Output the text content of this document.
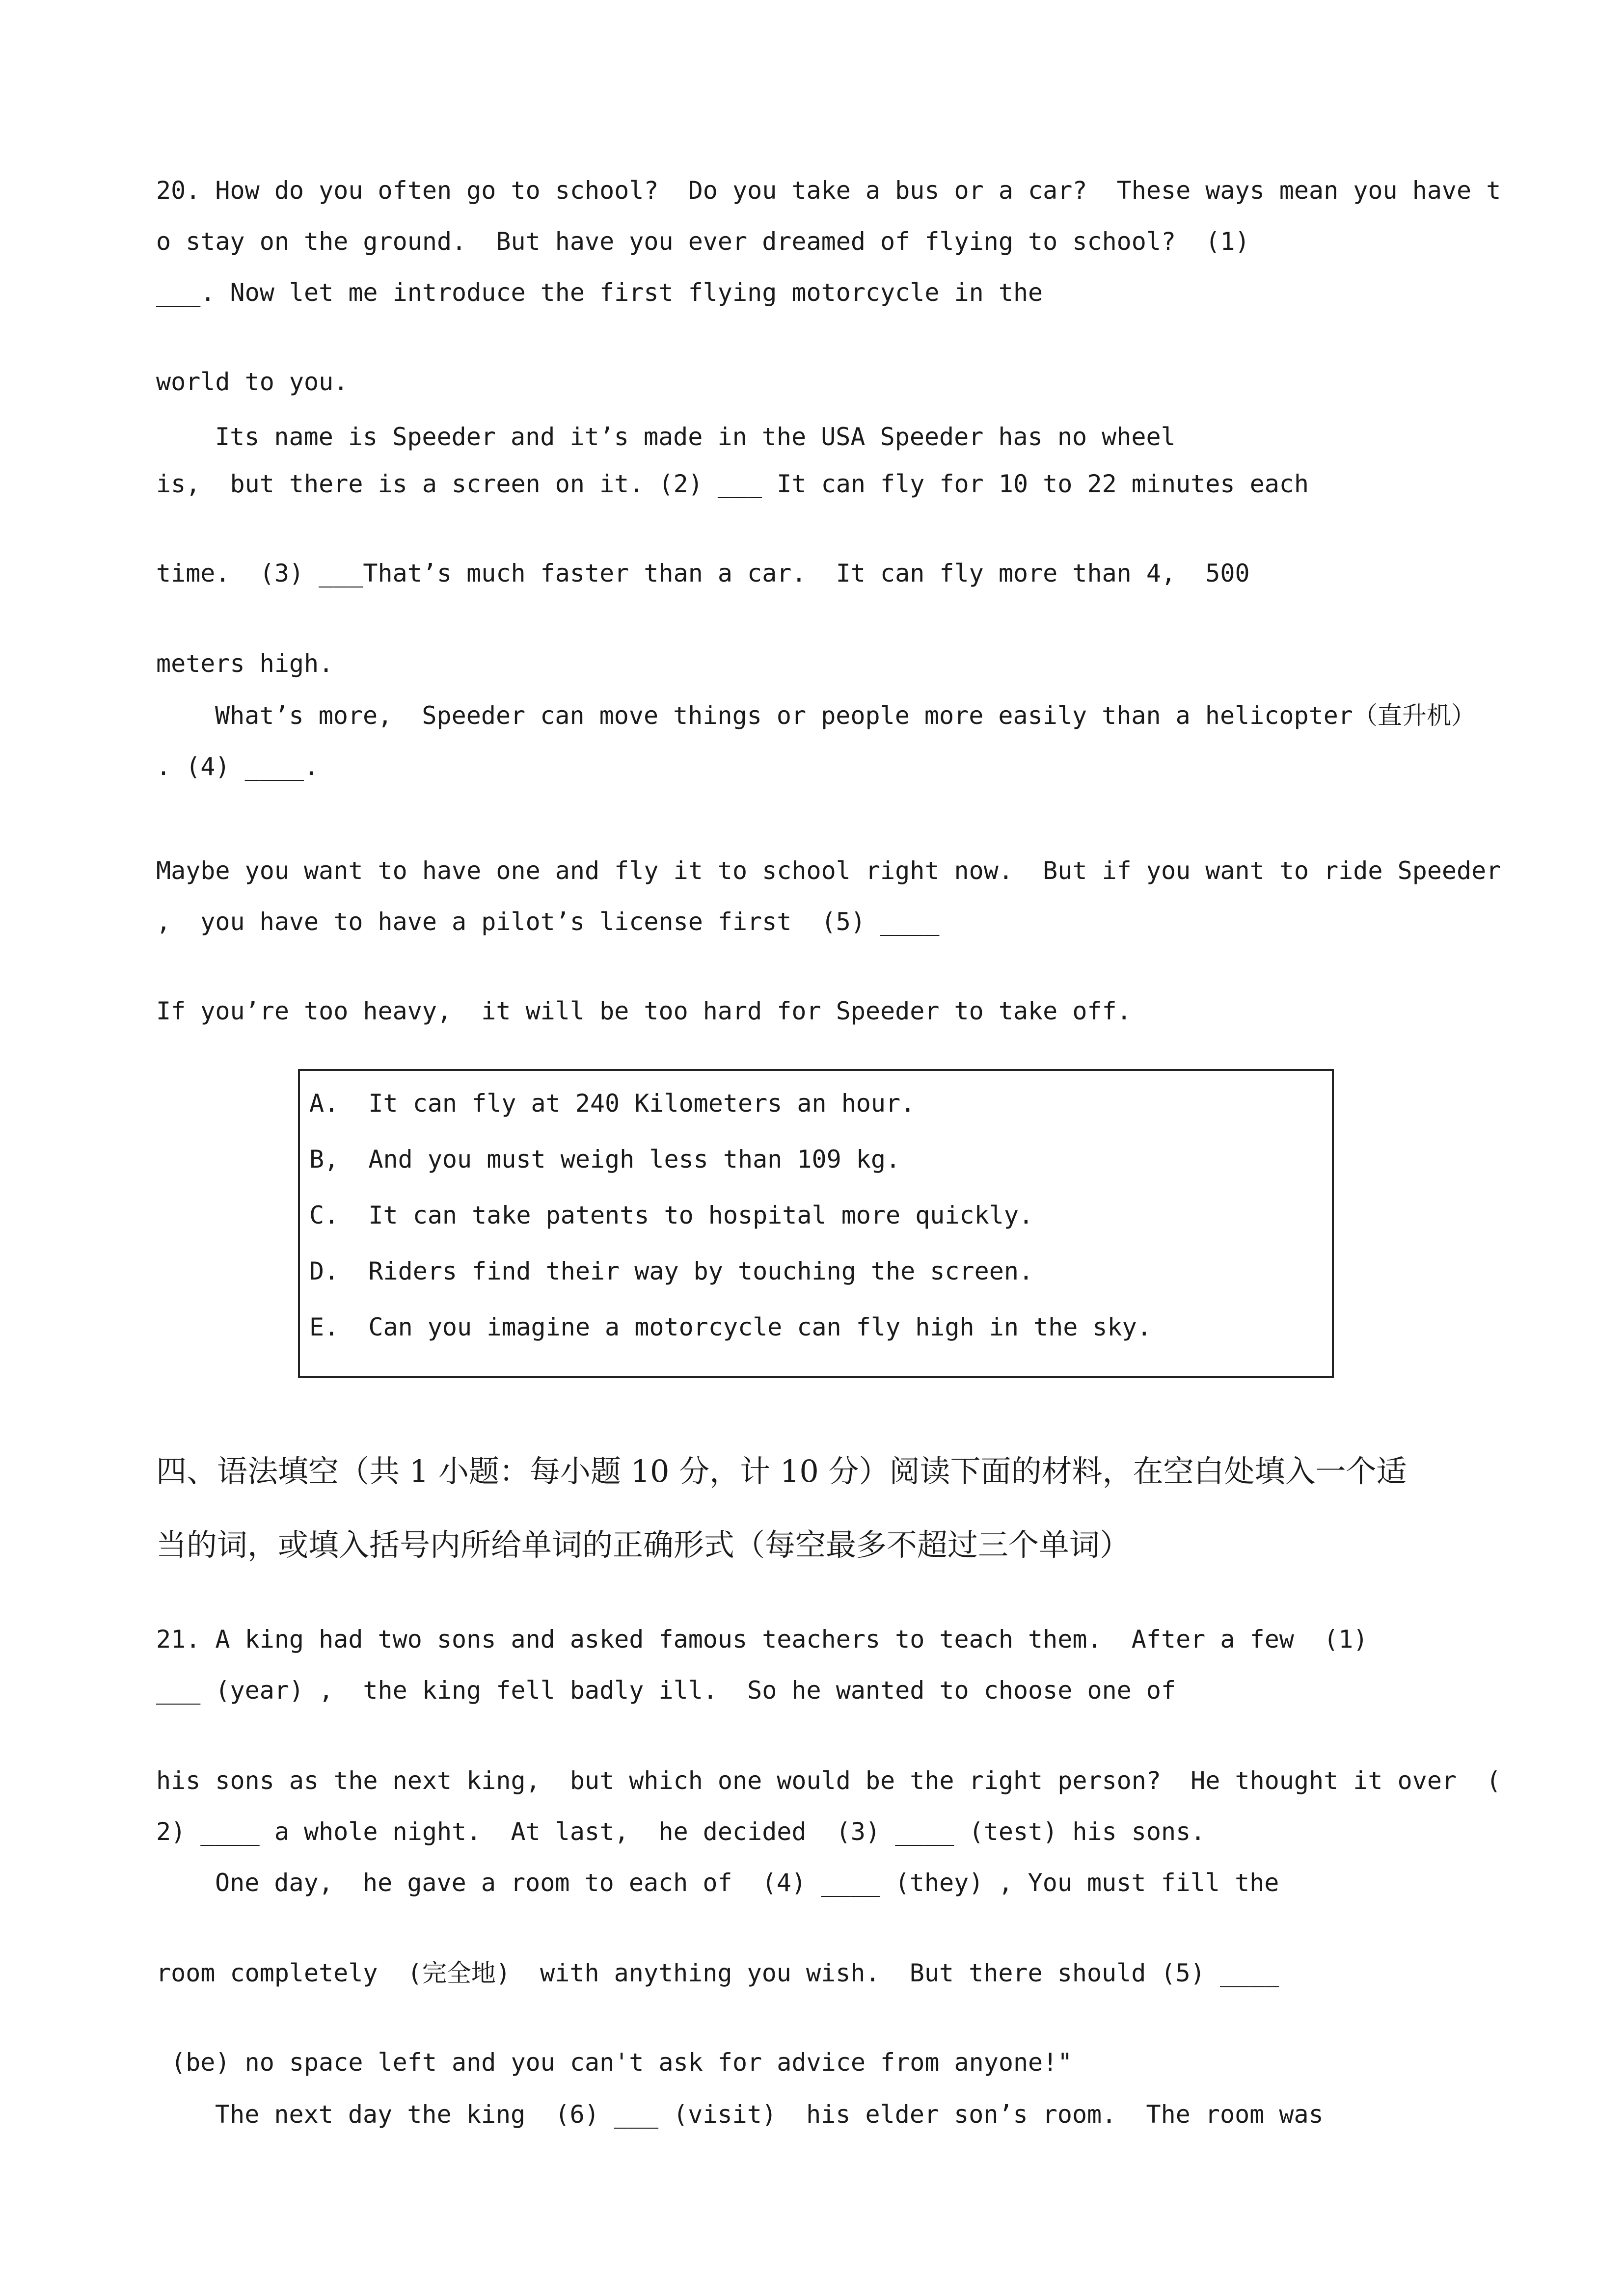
20. How do you often go to school?  Do you take a bus or a car?  These ways mean you have t

o stay on the ground.  But have you ever dreamed of flying to school?  (1)

___. Now let me introduce the first flying motorcycle in the

world to you.

Its name is Speeder and it’s made in the USA Speeder has no wheel

is,  but there is a screen on it. (2) ___ It can fly for 10 to 22 minutes each

time.  (3) ___That’s much faster than a car.  It can fly more than 4,  500

meters high.

What’s more,  Speeder can move things or people more easily than a helicopter（直升机）

. (4) ____.

Maybe you want to have one and fly it to school right now.  But if you want to ride Speeder

,  you have to have a pilot’s license first  (5) ____

If you’re too heavy,  it will be too hard for Speeder to take off.

A.  It can fly at 240 Kilometers an hour.

B,  And you must weigh less than 109 kg.

C.  It can take patents to hospital more quickly.

D.  Riders find their way by touching the screen.

E.  Can you imagine a motorcycle can fly high in the sky.

四、语法填空（共 1 小题：每小题 10 分，计 10 分）阅读下面的材料，在空白处填入一个适

当的词，或填入括号内所给单词的正确形式（每空最多不超过三个单词）

21. A king had two sons and asked famous teachers to teach them.  After a few  (1)

___ (year) ,  the king fell badly ill.  So he wanted to choose one of

his sons as the next king,  but which one would be the right person?  He thought it over  (

2) ____ a whole night.  At last,  he decided  (3) ____ (test) his sons.

One day,  he gave a room to each of  (4) ____ (they) , You must fill the

room completely  (完全地)  with anything you wish.  But there should (5) ____

(be) no space left and you can't ask for advice from anyone!"

The next day the king  (6) ___ (visit)  his elder son’s room.  The room was
